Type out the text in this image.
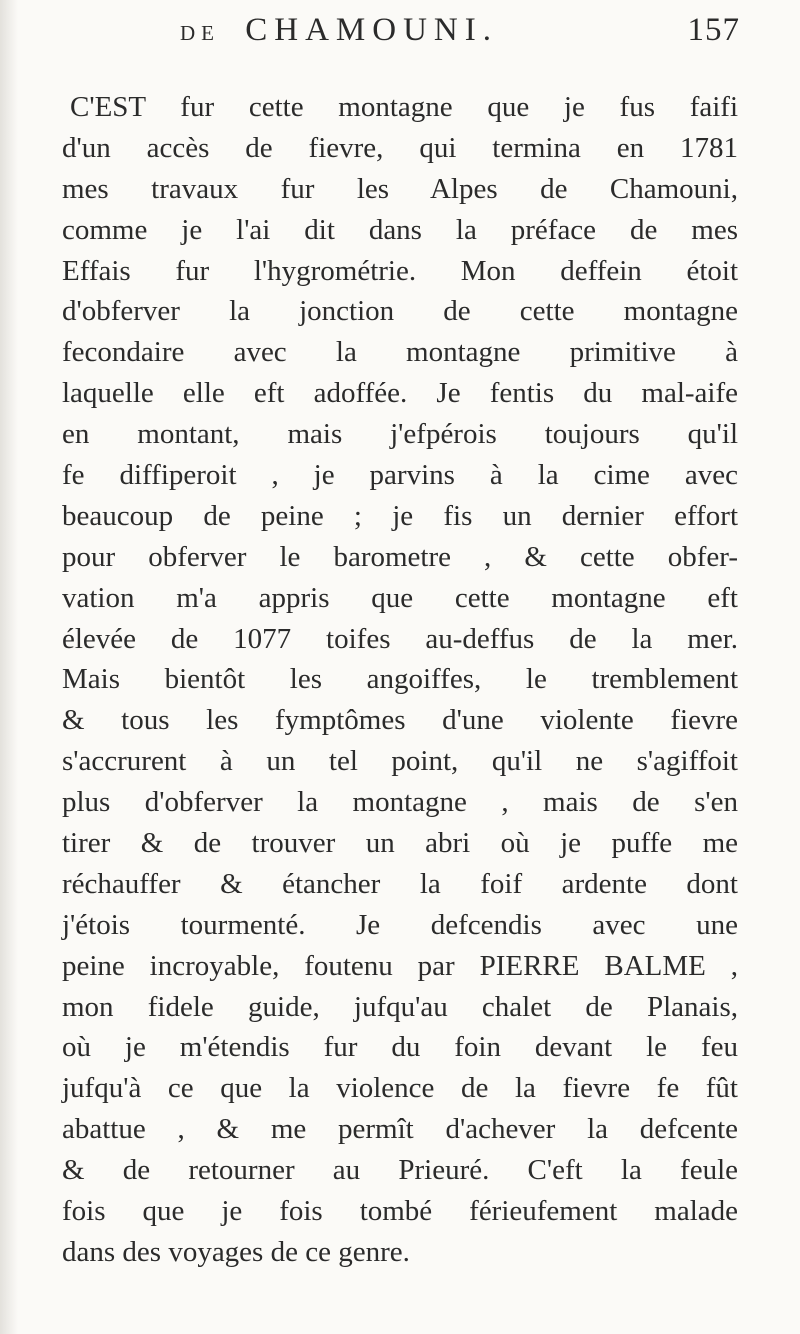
DE CHAMOUNI.	157
C'EST fur cette montagne que je fus faifi
d'un accès de fievre, qui termina en 1781
mes travaux fur les Alpes de Chamouni,
comme je l'ai dit dans la préface de mes
Effais fur l'hygrométrie. Mon deffein étoit
d'obferver la jonction de cette montagne
fecondaire avec la montagne primitive à
laquelle elle eft adoffée. Je fentis du mal-aife
en montant, mais j'efpérois toujours qu'il
fe diffiperoit , je parvins à la cime avec
beaucoup de peine ; je fis un dernier effort
pour obferver le barometre , & cette obfer-
vation m'a appris que cette montagne eft
élevée de 1077 toifes au-deffus de la mer.
Mais bientôt les angoiffes, le tremblement
& tous les fymptômes d'une violente fievre
s'accrurent à un tel point, qu'il ne s'agiffoit
plus d'obferver la montagne , mais de s'en
tirer & de trouver un abri où je puffe me
réchauffer & étancher la foif ardente dont
j'étois tourmenté. Je defcendis avec une
peine incroyable, foutenu par PIERRE BALME ,
mon fidele guide, jufqu'au chalet de Planais,
où je m'étendis fur du foin devant le feu
jufqu'à ce que la violence de la fievre fe fût
abattue , & me permît d'achever la defcente
& de retourner au Prieuré. C'eft la feule
fois que je fois tombé férieufement malade
dans des voyages de ce genre.
